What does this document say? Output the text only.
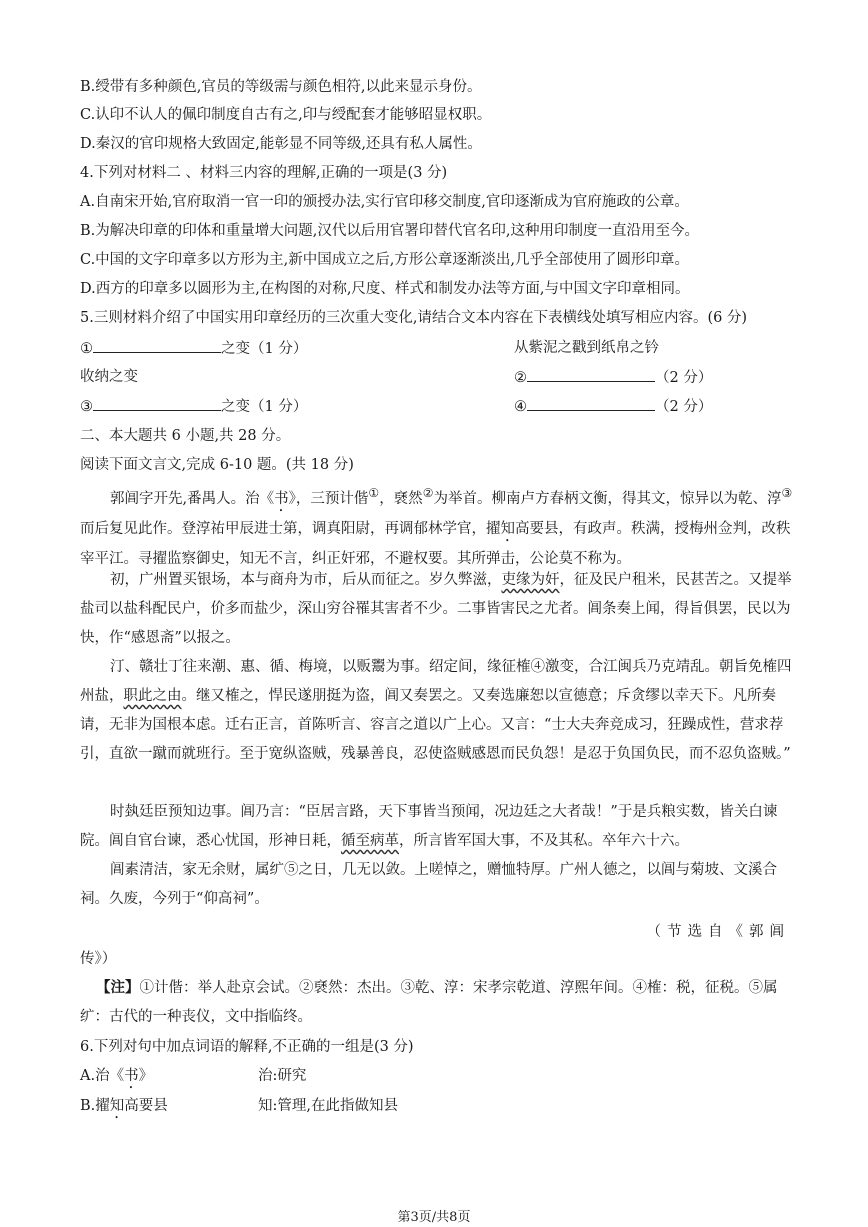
B.绶带有多种颜色,官员的等级需与颜色相符,以此来显示身份。
C.认印不认人的佩印制度自古有之,印与绶配套才能够昭显权职。
D.秦汉的官印规格大致固定,能彰显不同等级,还具有私人属性。
4.下列对材料二 、材料三内容的理解,正确的一项是(3 分)
A.自南宋开始,官府取消一官一印的颁授办法,实行官印移交制度,官印逐渐成为官府施政的公章。
B.为解决印章的印体和重量增大问题,汉代以后用官署印替代官名印,这种用印制度一直沿用至今。
C.中国的文字印章多以方形为主,新中国成立之后,方形公章逐渐淡出,几乎全部使用了圆形印章。
D.西方的印章多以圆形为主,在构图的对称,尺度、样式和制发办法等方面,与中国文字印章相同。
5.三则材料介绍了中国实用印章经历的三次重大变化,请结合文本内容在下表横线处填写相应内容。(6 分)
①	之变（1 分）	从紫泥之戳到纸帛之钤
收纳之变	②	（2 分）
③	之变（1 分）	④	（2 分）
二、本大题共 6 小题,共 28 分。
阅读下面文言文,完成 6-10 题。(共 18 分)
郭阊字开先,番禺人。治《书》，三预计偕①，褎然②为举首。柳南卢方春柄文衡，得其文，惊异以为乾、淳③而后复见此作。登淳祐甲辰进士第，调真阳尉，再调郁林学官，擢知高要县，有政声。秩满，授梅州佥判，改秩宰平江。寻擢监察御史，知无不言，纠正奸邪，不避权要。其所弹击，公论莫不称为。
初，广州置买银场，本与商舟为市，后从而征之。岁久弊滋，吏缘为奸，征及民户租米，民甚苦之。又提举盐司以盐科配民户，价多而盐少，深山穷谷罹其害者不少。二事皆害民之尤者。阊条奏上闻，得旨俱罢，民以为快，作“感恩斋”以报之。
汀、赣壮丁往来潮、惠、循、梅境，以贩鬻为事。绍定间，缘征榷④激变，合江闽兵乃克靖乱。朝旨免榷四州盐，职此之由。继又榷之，悍民遂朋挺为盗，阊又奏罢之。又奏选廉恕以宣德意；斥贪缪以幸天下。凡所奏请，无非为国根本虑。迁右正言，首陈听言、容言之道以广上心。又言：“士大夫奔竞成习，狂躁成性，营求荐引，直欲一蹴而就班行。至于宽纵盗贼，残暴善良，忍使盗贼感恩而民负怨！是忍于负国负民，而不忍负盗贼。”
时埶廷臣预知边事。阊乃言：“臣居言路，天下事皆当预闻，况边廷之大者哉！”于是兵粮实数，皆关白谏院。阊自官台谏，悉心忧国，形神日耗，循至病革，所言皆军国大事，不及其私。卒年六十六。
阊素清洁，家无余财，属纩⑤之日，几无以敛。上嗟悼之，赠恤特厚。广州人德之，以阊与菊坡、文溪合祠。久废，今列于“仰高祠”。
（节选自《郭阊
传》）
【注】①计偕：举人赴京会试。②褎然：杰出。③乾、淳：宋孝宗乾道、淳熙年间。④榷：税，征税。⑤属纩：古代的一种丧仪，文中指临终。
6.下列对句中加点词语的解释,不正确的一组是(3 分)
A.治《书》	治:研究
B.擢知高要县	知:管理,在此指做知县
第3页/共8页
